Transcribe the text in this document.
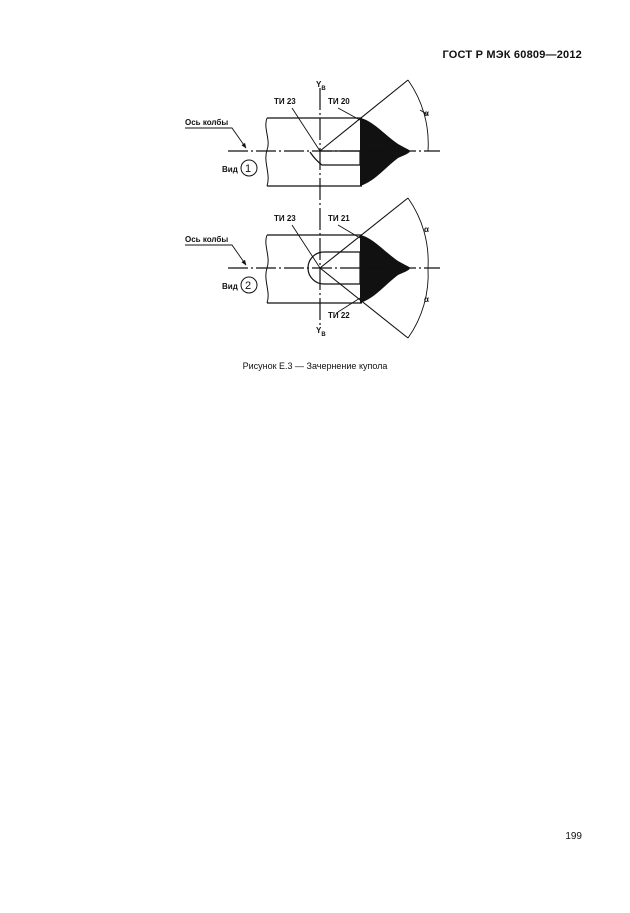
ГОСТ Р МЭК 60809—2012
$Y_B$
$Y_B$
Ось колбы
ТИ 23	ТИ 20
α
Вид 1
Ось колбы
ТИ 23	ТИ 21
ТИ 22
α
α
Вид 2
Рисунок Е.3 — Зачернение купола
199
